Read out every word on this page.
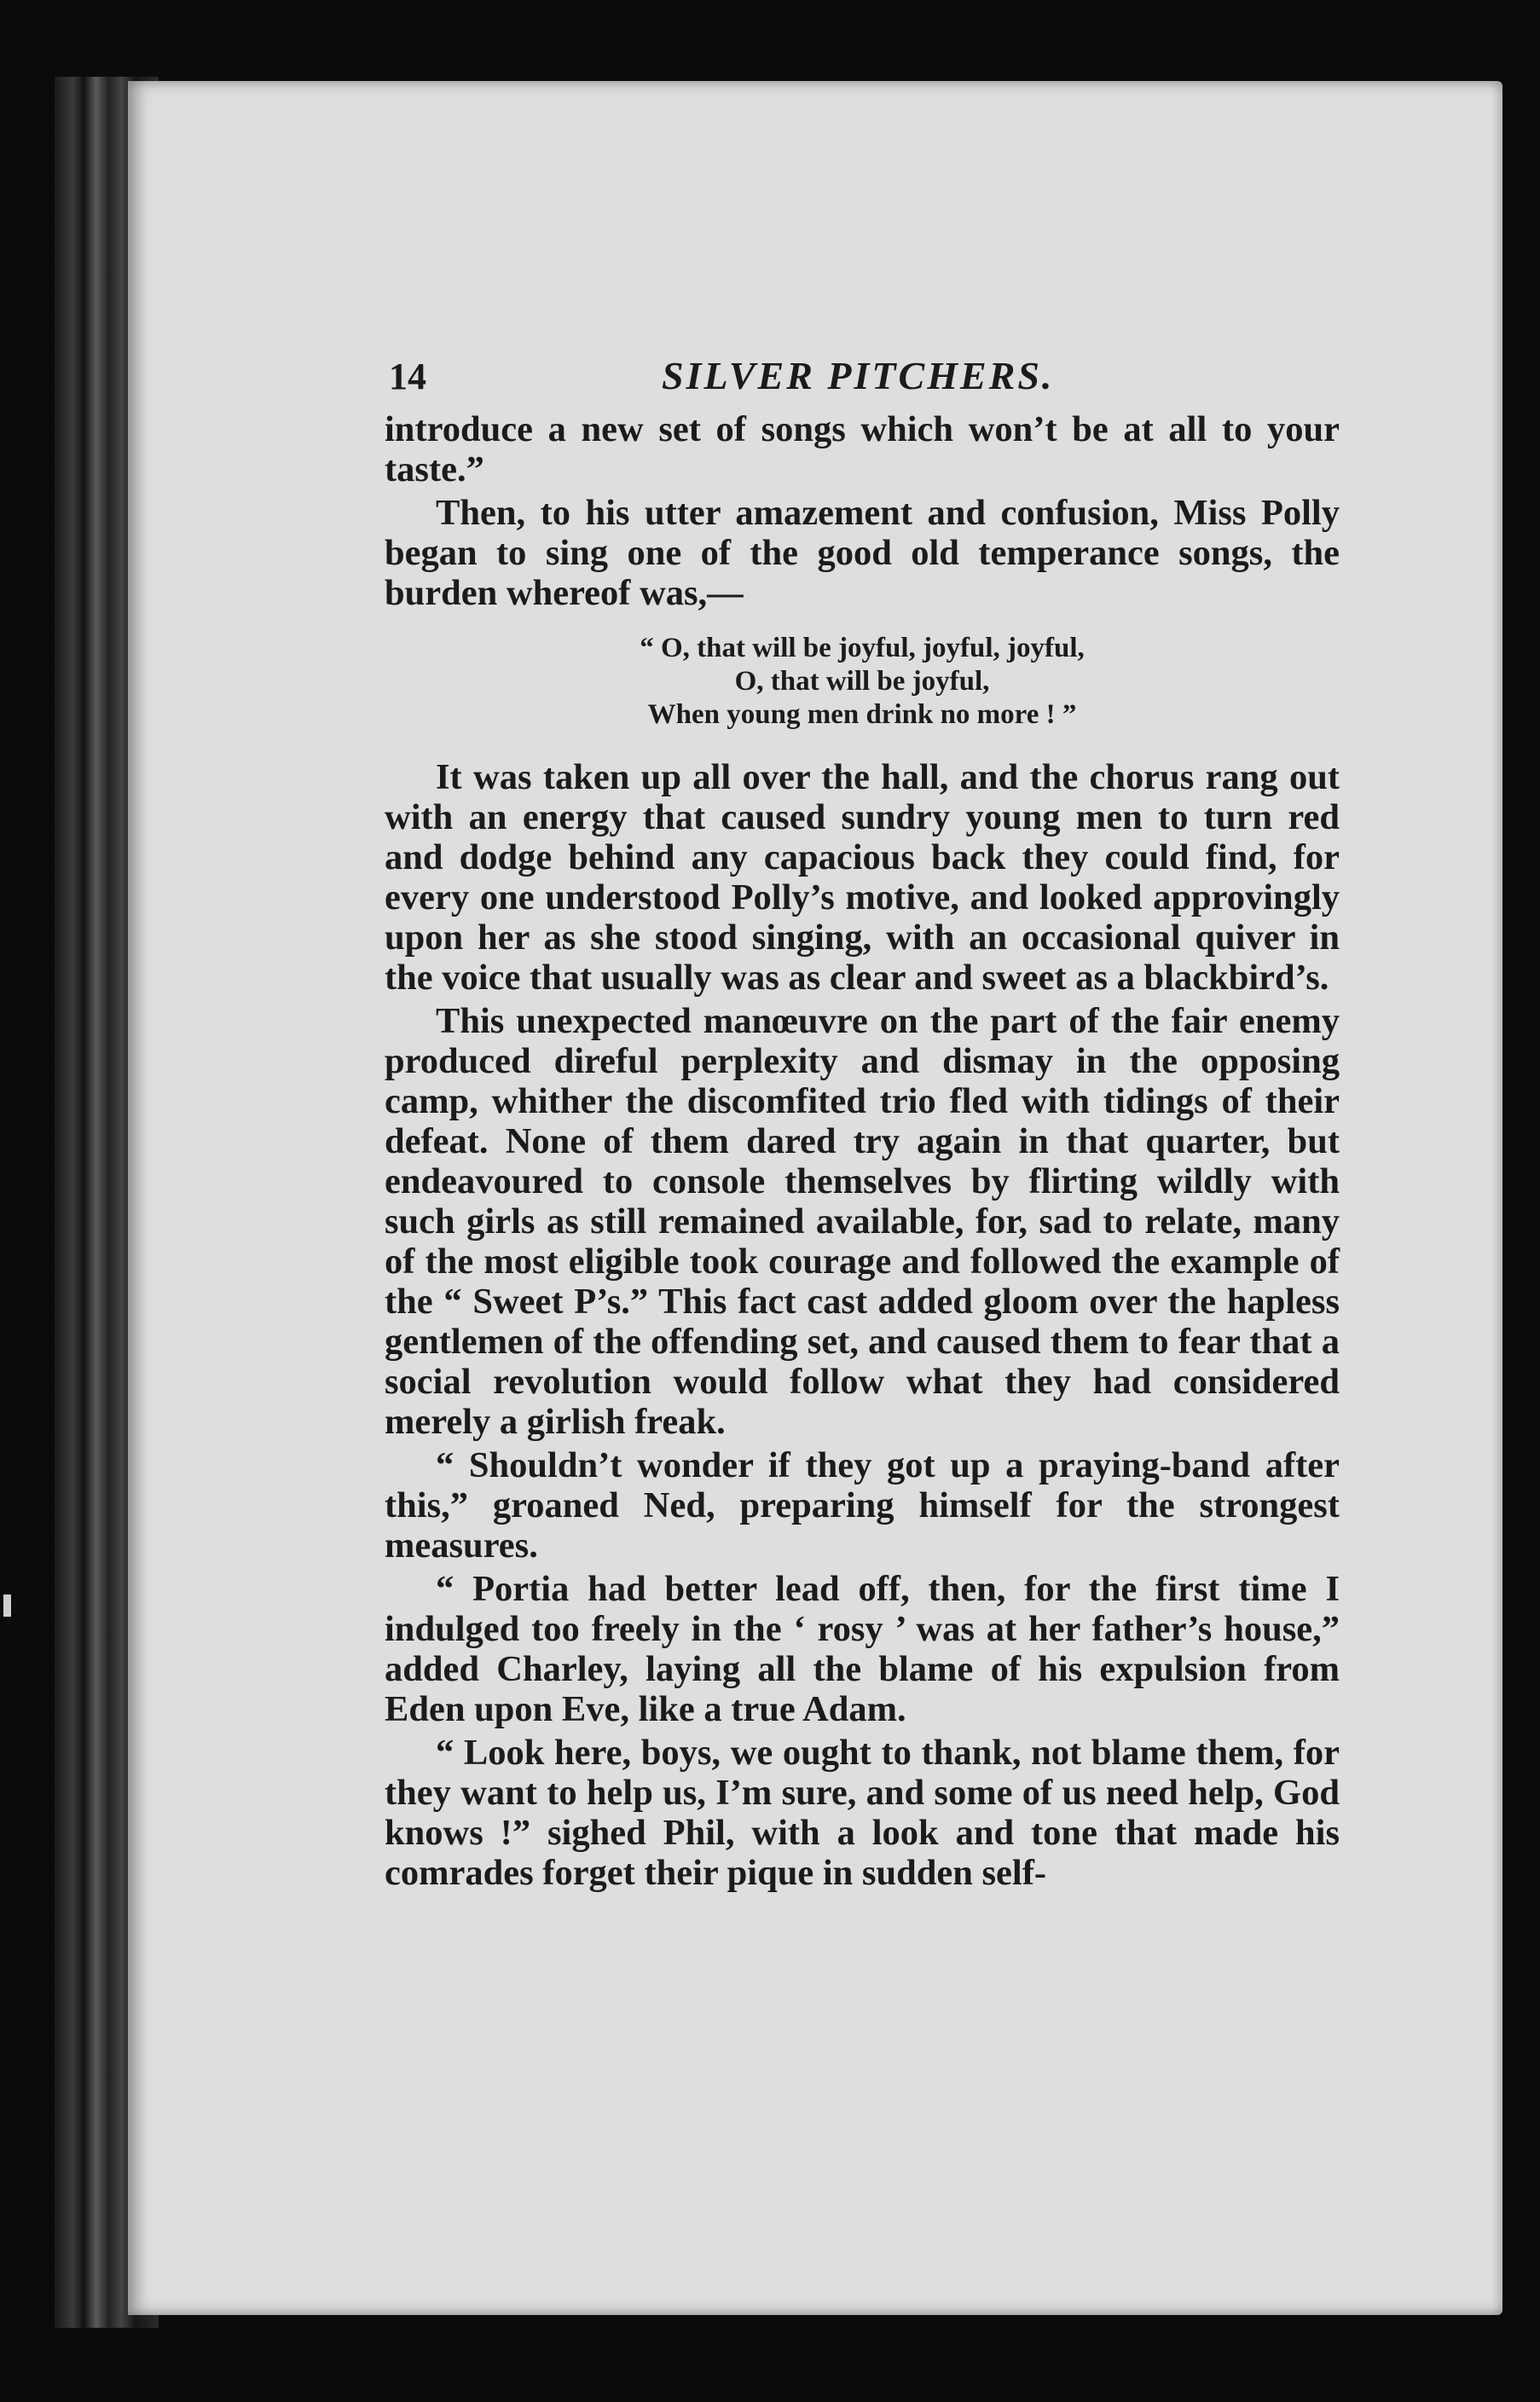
14	SILVER PITCHERS.

introduce a new set of songs which won’t be at all to your taste.”

Then, to his utter amazement and confusion, Miss Polly began to sing one of the good old temperance songs, the burden whereof was,—

“ O, that will be joyful, joyful, joyful,
O, that will be joyful,
When young men drink no more ! ”

It was taken up all over the hall, and the chorus rang out with an energy that caused sundry young men to turn red and dodge behind any capacious back they could find, for every one understood Polly’s motive, and looked approvingly upon her as she stood singing, with an occasional quiver in the voice that usually was as clear and sweet as a blackbird’s.

This unexpected manœuvre on the part of the fair enemy produced direful perplexity and dismay in the opposing camp, whither the discomfited trio fled with tidings of their defeat. None of them dared try again in that quarter, but endeavoured to console themselves by flirting wildly with such girls as still remained available, for, sad to relate, many of the most eligible took courage and followed the example of the “ Sweet P’s.” This fact cast added gloom over the hapless gentlemen of the offending set, and caused them to fear that a social revolution would follow what they had considered merely a girlish freak.

“ Shouldn’t wonder if they got up a praying-band after this,” groaned Ned, preparing himself for the strongest measures.

“ Portia had better lead off, then, for the first time I indulged too freely in the ‘ rosy ’ was at her father’s house,” added Charley, laying all the blame of his expulsion from Eden upon Eve, like a true Adam.

“ Look here, boys, we ought to thank, not blame them, for they want to help us, I’m sure, and some of us need help, God knows !” sighed Phil, with a look and tone that made his comrades forget their pique in sudden self-
